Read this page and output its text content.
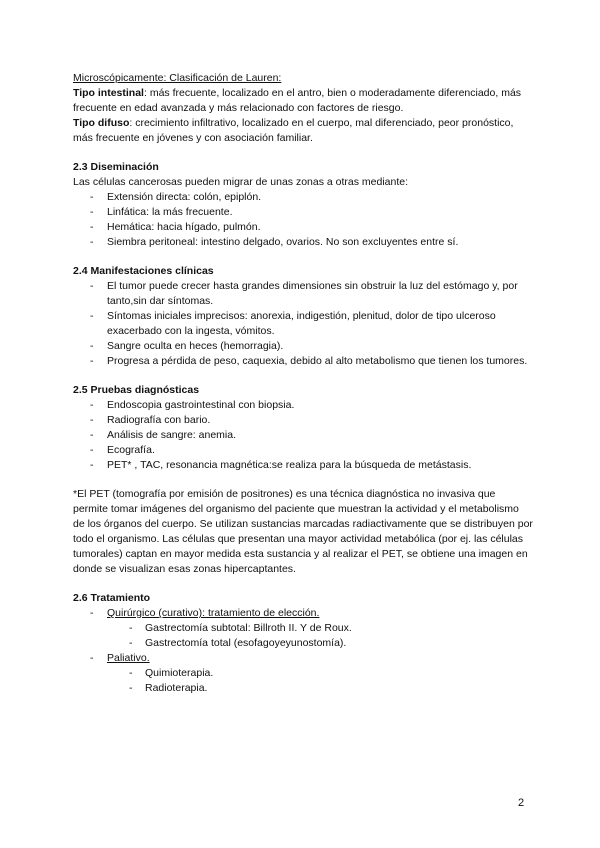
Microscópicamente: Clasificación de Lauren:

Tipo intestinal: más frecuente, localizado en el antro, bien o moderadamente diferenciado, más frecuente en edad avanzada y más relacionado con factores de riesgo.

Tipo difuso: crecimiento infiltrativo, localizado en el cuerpo, mal diferenciado, peor pronóstico, más frecuente en jóvenes y con asociación familiar.

2.3 Diseminación

Las células cancerosas pueden migrar de unas zonas a otras mediante:

- Extensión directa: colón, epiplón.
- Linfática: la más frecuente.
- Hemática: hacia hígado, pulmón.
- Siembra peritoneal: intestino delgado, ovarios. No son excluyentes entre sí.
2.4 Manifestaciones clínicas
- El tumor puede crecer hasta grandes dimensiones sin obstruir la luz del estómago y, por tanto,sin dar síntomas.
- Síntomas iniciales imprecisos: anorexia, indigestión, plenitud, dolor de tipo ulceroso exacerbado con la ingesta, vómitos.
- Sangre oculta en heces (hemorragia).
- Progresa a pérdida de peso, caquexia, debido al alto metabolismo que tienen los tumores.
2.5 Pruebas diagnósticas
- Endoscopia gastrointestinal con biopsia.
- Radiografía con bario.
- Análisis de sangre: anemia.
- Ecografía.
- PET* , TAC, resonancia magnética:se realiza para la búsqueda de metástasis.

*El PET (tomografía por emisión de positrones) es una técnica diagnóstica no invasiva que permite tomar imágenes del organismo del paciente que muestran la actividad y el metabolismo de los órganos del cuerpo. Se utilizan sustancias marcadas radiactivamente que se distribuyen por todo el organismo. Las células que presentan una mayor actividad metabólica (por ej. las células tumorales) captan en mayor medida esta sustancia y al realizar el PET, se obtiene una imagen en donde se visualizan esas zonas hipercaptantes.

2.6 Tratamiento
- Quirúrgico (curativo): tratamiento de elección.
- Gastrectomía subtotal: Billroth II. Y de Roux.
- Gastrectomía total (esofagoyeyunostomía).
- Paliativo.
- Quimioterapia.
- Radioterapia.
2
